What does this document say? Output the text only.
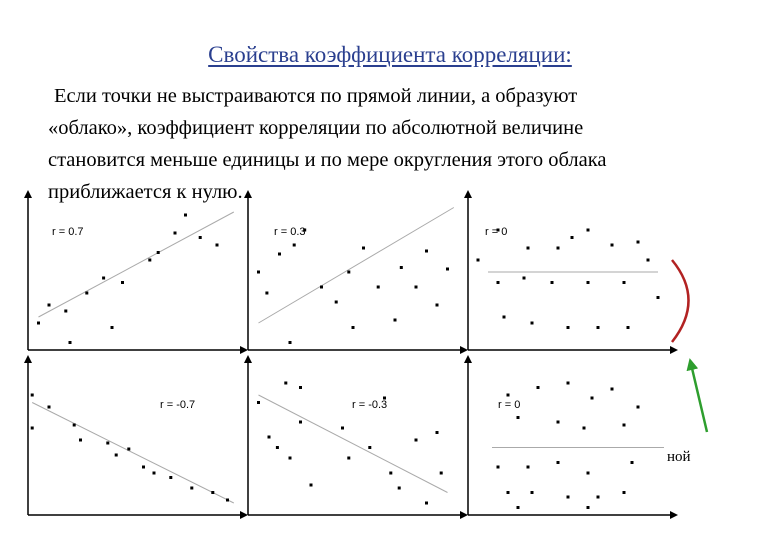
Свойства коэффициента корреляции:
Если точки не выстраиваются по прямой линии, а образуют
«облако», коэффициент корреляции по абсолютной величине
становится меньше единицы и по мере округления этого облака
приближается к нулю.
r = 0.7	r = 0.3	r = 0
r = -0.7	r = -0.3	r = 0
ной
